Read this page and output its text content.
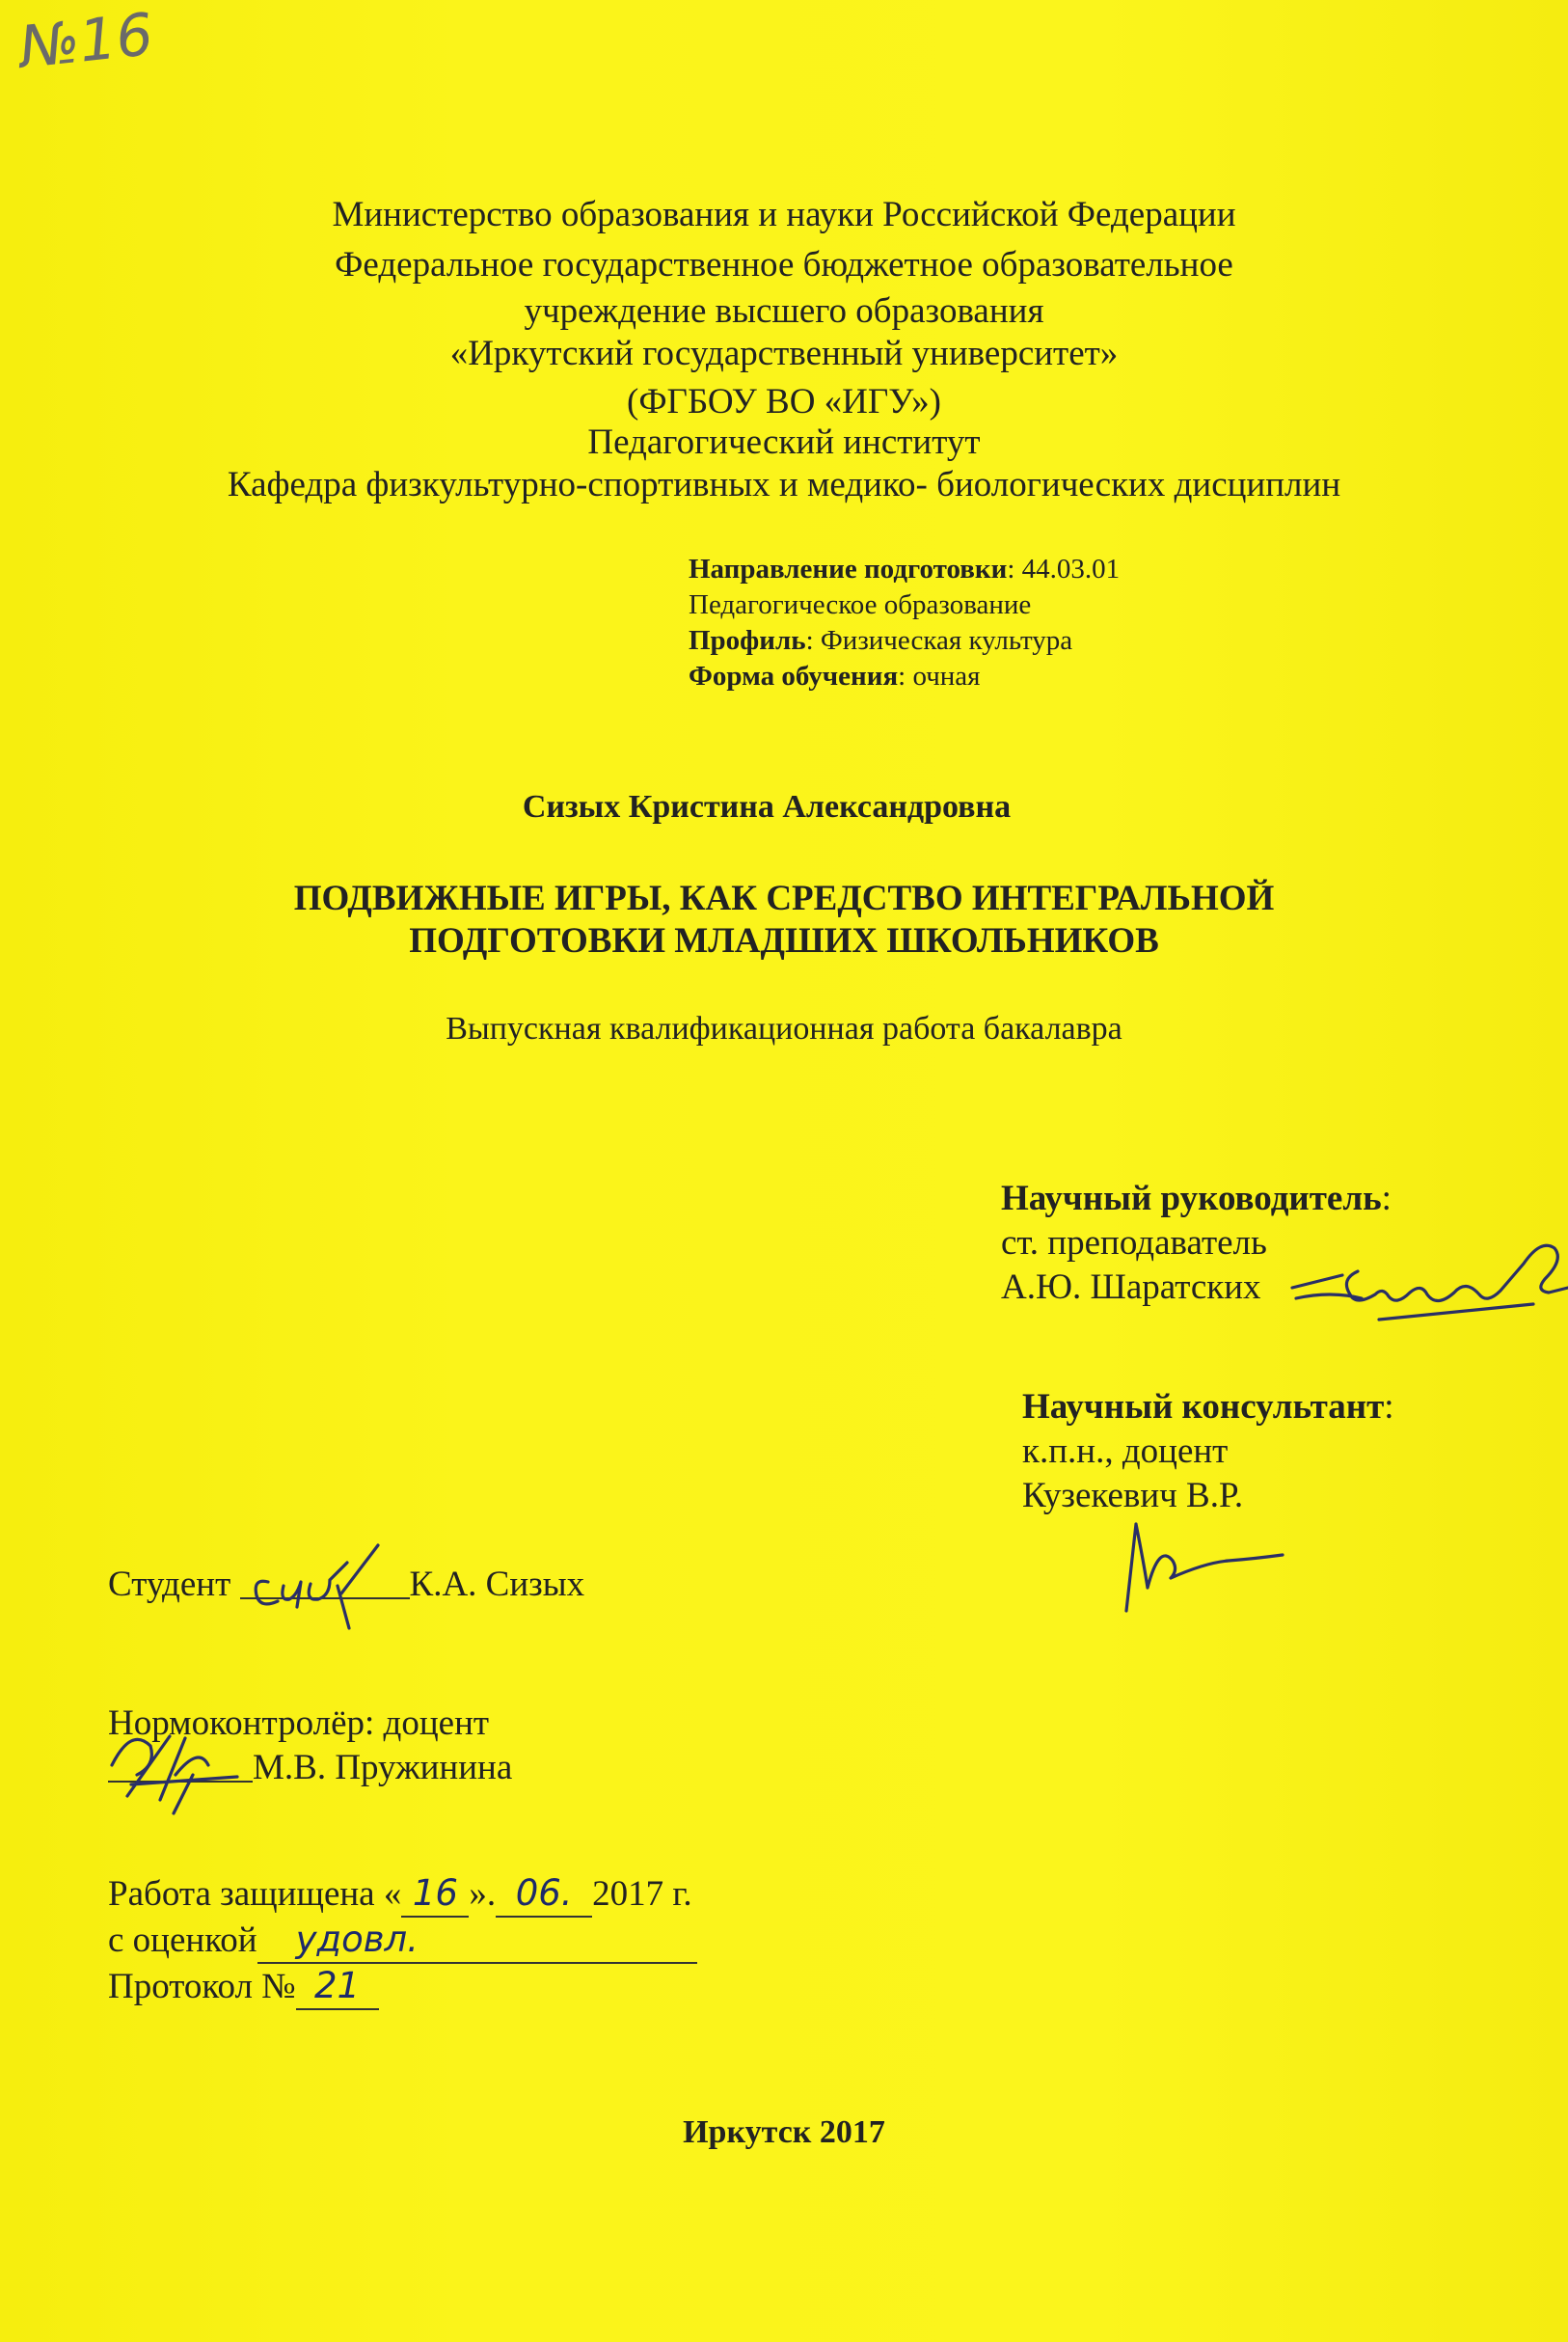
№16
Министерство образования и науки Российской Федерации
Федеральное государственное бюджетное образовательное
учреждение высшего образования
«Иркутский государственный университет»
(ФГБОУ ВО «ИГУ»)
Педагогический институт
Кафедра физкультурно-спортивных и медико- биологических дисциплин
Направление подготовки: 44.03.01
Педагогическое образование
Профиль: Физическая культура
Форма обучения: очная
Сизых Кристина Александровна
ПОДВИЖНЫЕ ИГРЫ, КАК СРЕДСТВО ИНТЕГРАЛЬНОЙ
ПОДГОТОВКИ МЛАДШИХ ШКОЛЬНИКОВ
Выпускная квалификационная работа бакалавра
Научный руководитель:
ст. преподаватель
А.Ю. Шаратских
Научный консультант:
к.п.н., доцент
Кузекевич В.Р.
Студент	К.А. Сизых
Нормоконтролёр: доцент
М.В. Пружинина
Работа защищена « 16 ». 06. 2017 г.
с оценкой удовл.
Протокол № 21
Иркутск 2017
